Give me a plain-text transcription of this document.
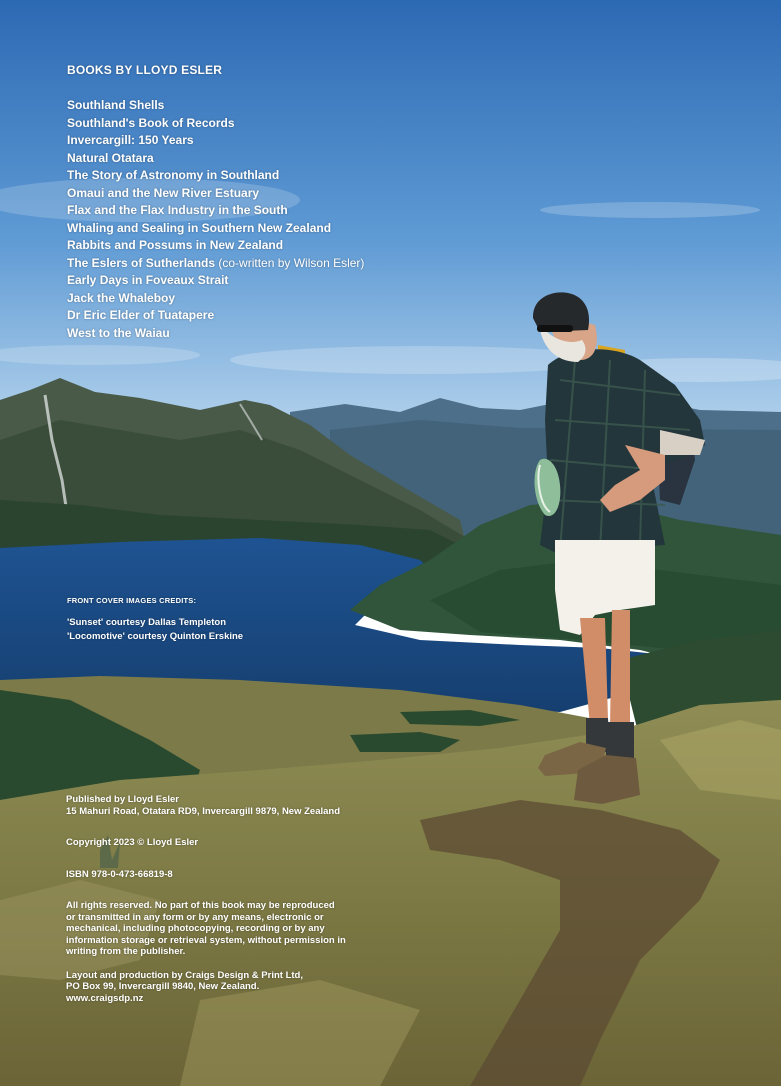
BOOKS BY LLOYD ESLER
Southland Shells
Southland's Book of Records
Invercargill: 150 Years
Natural Otatara
The Story of Astronomy in Southland
Omaui and the New River Estuary
Flax and the Flax Industry in the South
Whaling and Sealing in Southern New Zealand
Rabbits and Possums in New Zealand
The Eslers of Sutherlands (co-written by Wilson Esler)
Early Days in Foveaux Strait
Jack the Whaleboy
Dr Eric Elder of Tuatapere
West to the Waiau
FRONT COVER IMAGES CREDITS:
'Sunset' courtesy Dallas Templeton
'Locomotive' courtesy Quinton Erskine

Published by Lloyd Esler
15 Mahuri Road, Otatara RD9, Invercargill 9879, New Zealand

Copyright 2023 © Lloyd Esler

ISBN 978-0-473-66819-8

All rights reserved. No part of this book may be reproduced
or transmitted in any form or by any means, electronic or
mechanical, including photocopying, recording or by any
information storage or retrieval system, without permission in
writing from the publisher.

Layout and production by Craigs Design & Print Ltd,
PO Box 99, Invercargill 9840, New Zealand.
www.craigsdp.nz
